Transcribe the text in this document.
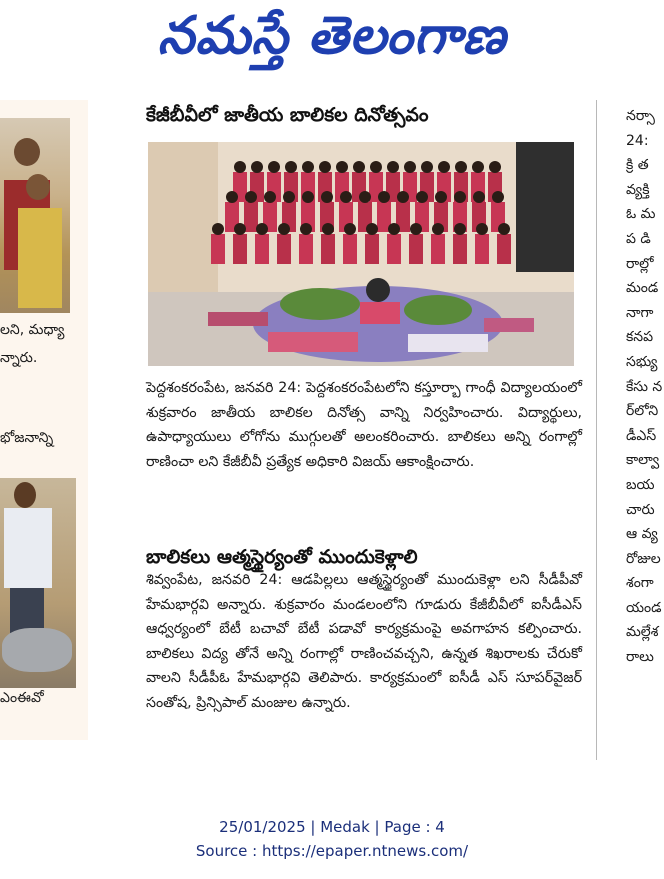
నమస్తే తెలంగాణ
లని, మధ్యా
న్నారు.
భోజనాన్ని
ఎంఈవో
కేజీబీవీలో జాతీయ బాలికల దినోత్సవం
పెద్దశంకరంపేట, జనవరి 24: పెద్దశంకరంపేటలోని కస్తూర్బా గాంధీ విద్యాలయంలో శుక్రవారం జాతీయ బాలికల దినోత్స వాన్ని నిర్వహించారు. విద్యార్థులు, ఉపాధ్యాయులు లోగోను ముగ్గులతో అలంకరించారు. బాలికలు అన్ని రంగాల్లో రాణించా లని కేజీబీవీ ప్రత్యేక అధికారి విజయ్ ఆకాంక్షించారు.
బాలికలు ఆత్మస్థైర్యంతో ముందుకెళ్లాలి
శివ్వంపేట, జనవరి 24: ఆడపిల్లలు ఆత్మస్థైర్యంతో ముందుకెళ్లా లని సీడీపీవో హేమభార్గవి అన్నారు. శుక్రవారం మండలంలోని గూడురు కేజీబీవీలో ఐసీడీఎస్ ఆధ్వర్యంలో బేటీ బచావో బేటీ పడావో కార్యక్రమంపై అవగాహన కల్పించారు. బాలికలు విద్య తోనే అన్ని రంగాల్లో రాణించవచ్చని, ఉన్నత శిఖరాలకు చేరుకో వాలని సీడీపీఓ హేమభార్గవి తెలిపారు. కార్యక్రమంలో ఐసీడీ ఎస్ సూపర్‌వైజర్ సంతోష, ప్రిన్సిపాల్ మంజుల ఉన్నారు.
నర్సా
24:
క్రి త
వ్యక్తి
ఓ మ
ప డి
రాల్లో
మండ
నాగా
కనప
సభ్యు
కేసు న
ర్‌లోని
డీఎస్
కాల్వా
బయ
చారు
ఆ వ్య
రోజుల
శంగా
యండ
మల్లేశ
రాలు
25/01/2025 | Medak | Page : 4
Source : https://epaper.ntnews.com/
